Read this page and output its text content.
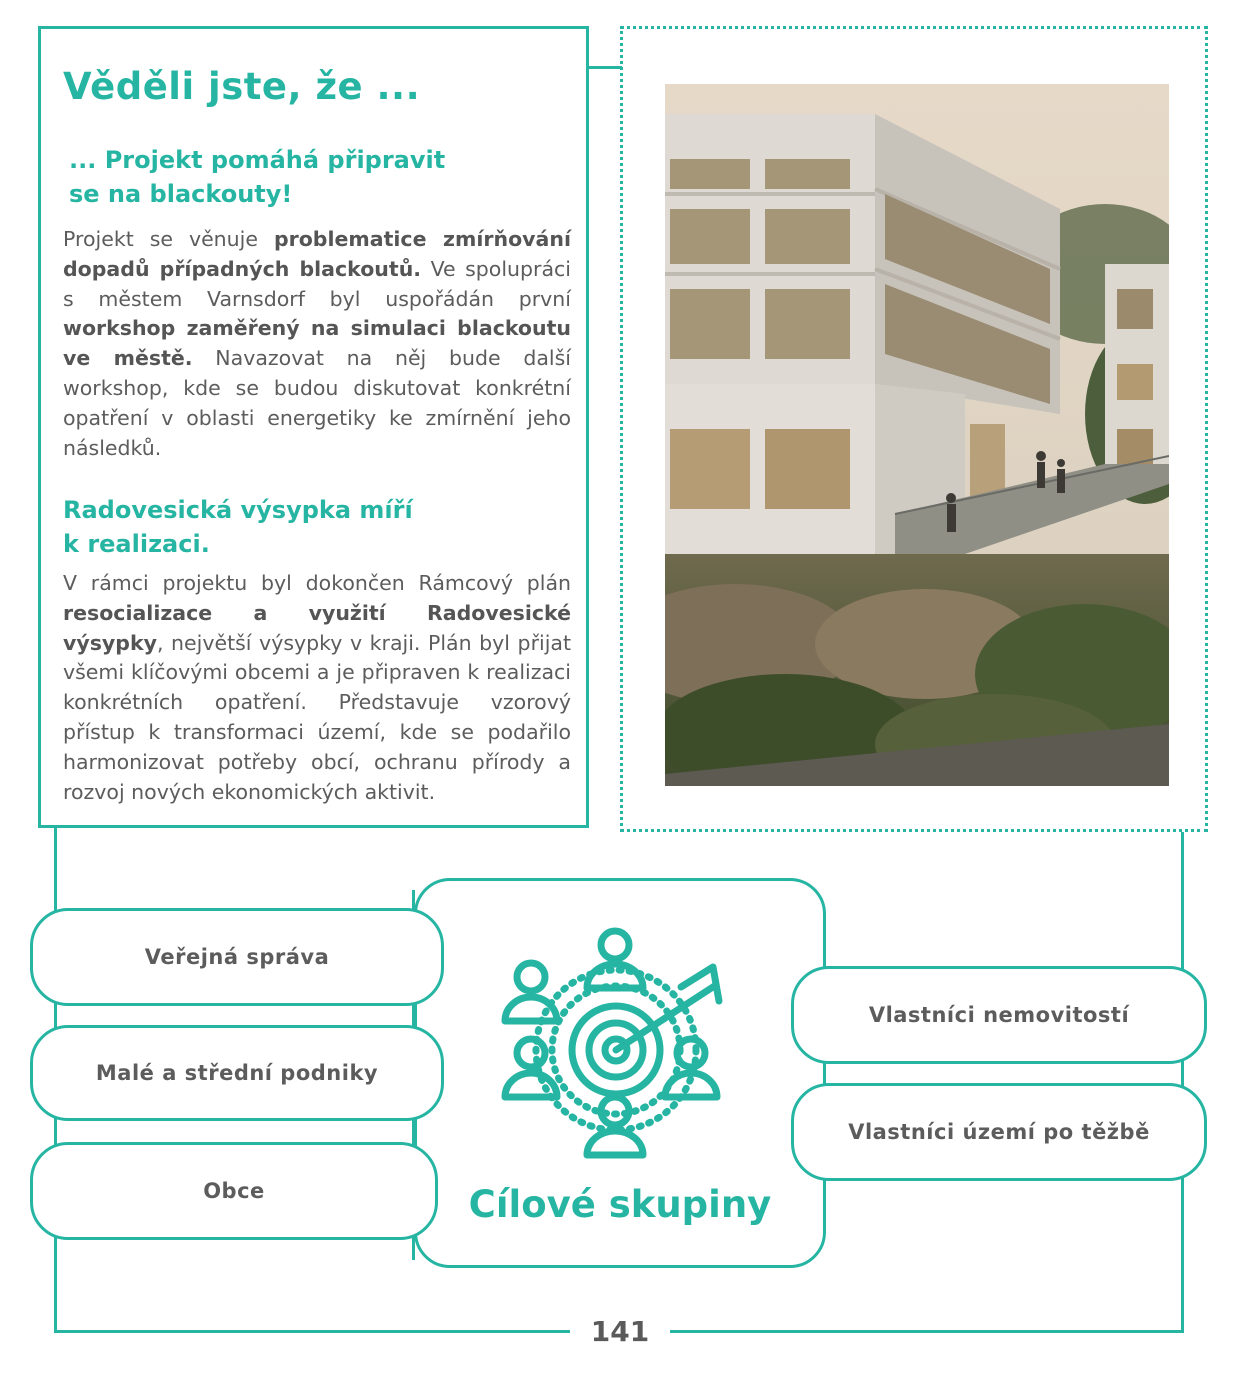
Věděli jste, že ...
... Projekt pomáhá připravit
se na blackouty!

Projekt se věnuje problematice zmírňování dopadů případných blackoutů. Ve spolupráci s městem Varnsdorf byl uspořádán první workshop zaměřený na simulaci blackoutu ve městě. Navazovat na něj bude další workshop, kde se budou diskutovat konkrétní opatření v oblasti energetiky ke zmírnění jeho následků.

Radovesická výsypka míří
k realizaci.

V rámci projektu byl dokončen Rámcový plán resocializace a využití Radovesické výsypky, největší výsypky v kraji. Plán byl přijat všemi klíčovými obcemi a je připraven k realizaci konkrétních opatření. Představuje vzorový přístup k transformaci území, kde se podařilo harmonizovat potřeby obcí, ochranu přírody a rozvoj nových ekonomických aktivit.

Cílové skupiny
Veřejná správa
Malé a střední podniky
Obce
Vlastníci nemovitostí
Vlastníci území po těžbě
141
